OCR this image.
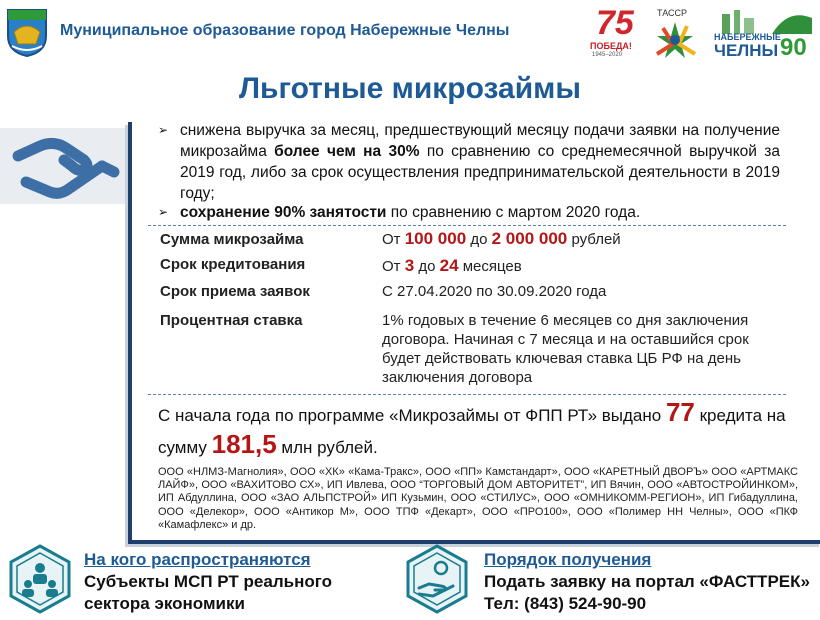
Муниципальное образование город Набережные Челны	75
ПОБЕДА!
1945–2020
ТАССР
НАБЕРЕЖНЫЕ
ЧЕЛНЫ 90
Льготные микрозаймы
➢ снижена выручка за месяц, предшествующий месяцу подачи заявки на получение микрозайма более чем на 30% по сравнению со среднемесячной выручкой за 2019 год, либо за срок осуществления предпринимательской деятельности в 2019 году;
➢ сохранение 90% занятости по сравнению с мартом 2020 года.
Сумма микрозайма	От 100 000 до 2 000 000 рублей
Срок кредитования	От 3 до 24 месяцев
Срок приема заявок	С 27.04.2020 по 30.09.2020 года
Процентная ставка	1% годовых в течение 6 месяцев со дня заключения договора. Начиная с 7 месяца и на оставшийся срок будет действовать ключевая ставка ЦБ РФ на день заключения договора
С начала года по программе «Микрозаймы от ФПП РТ» выдано 77 кредита на сумму 181,5 млн рублей.
ООО «НЛМЗ-Магнолия», ООО «ХК» «Кама-Тракс», ООО «ПП» Камстандарт», ООО «КАРЕТНЫЙ ДВОРЪ» ООО «АРТМАКС ЛАЙФ», ООО «ВАХИТОВО СХ», ИП Ивлева, ООО “ТОРГОВЫЙ ДОМ АВТОРИТЕТ”, ИП Вячин, ООО «АВТОСТРОЙИНКОМ», ИП Абдуллина, ООО «ЗАО АЛЬПСТРОЙ» ИП Кузьмин, ООО «СТИЛУС», ООО «ОМНИКОММ-РЕГИОН», ИП Гибадуллина, ООО «Делекор», ООО «Антикор М», ООО ТПФ «Декарт», ООО «ПРО100», ООО «Полимер НН Челны», ООО «ПКФ «Камафлекс» и др.
На кого распространяются
Субъекты МСП РТ реального сектора экономики
Порядок получения
Подать заявку на портал «ФАСТТРЕК» Тел: (843) 524-90-90
